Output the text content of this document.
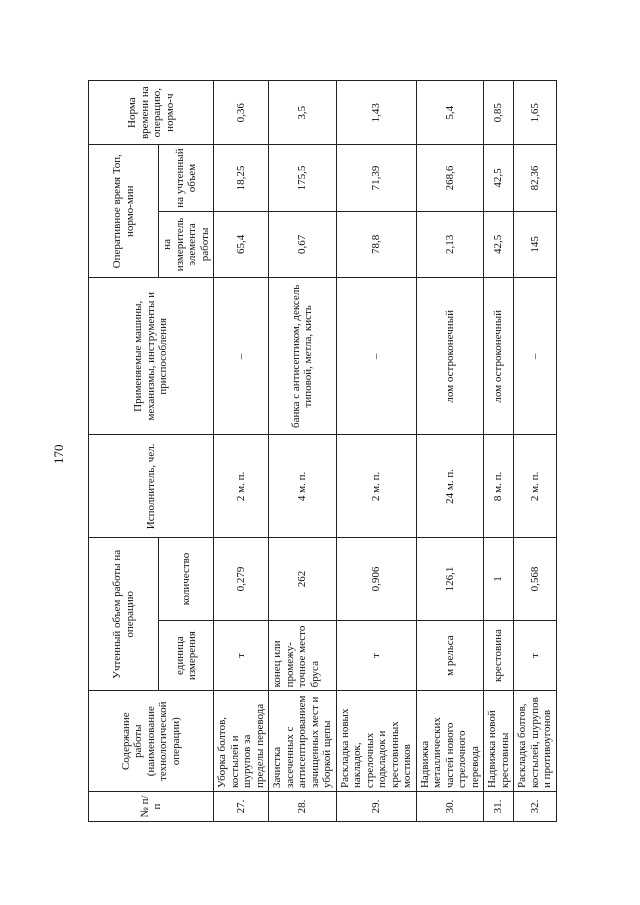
170
№ п/п	Содержание работы (наименование технологической операции)	Учтенный объем работы на операцию		Исполнитель, чел.	Применяемые машины, механизмы, инструменты и приспособления	Оперативное время Топ, нормо-мин		Норма времени на операцию, нормо-ч
		единица измерения	количество			на измеритель элемента работы	на учтенный объем	
27.	Уборка болтов, костылей и шурупов за пределы перевода	т	0,279	2 м. п.	–	65,4	18,25	0,36
28.	Зачистка засеченных с антисептированием зачищенных мест и уборкой щепы	конец или промежу-точное место бруса	262	4 м. п.	банка с антисептиком, дексель типовой, метла, кисть	0,67	175,5	3,5
29.	Раскладка новых накладок, стрелочных подкладок и крестовинных мостиков	т	0,906	2 м. п.	–	78,8	71,39	1,43
30.	Надвижка металлических частей нового стрелочного перевода	м рельса	126,1	24 м. п.	лом остроконечный	2,13	268,6	5,4
31.	Надвижка новой крестовины	крестовина	1	8 м. п.	лом остроконечный	42,5	42,5	0,85
32.	Раскладка болтов, костылей, шурупов и противоугонов	т	0,568	2 м. п.	–	145	82,36	1,65
